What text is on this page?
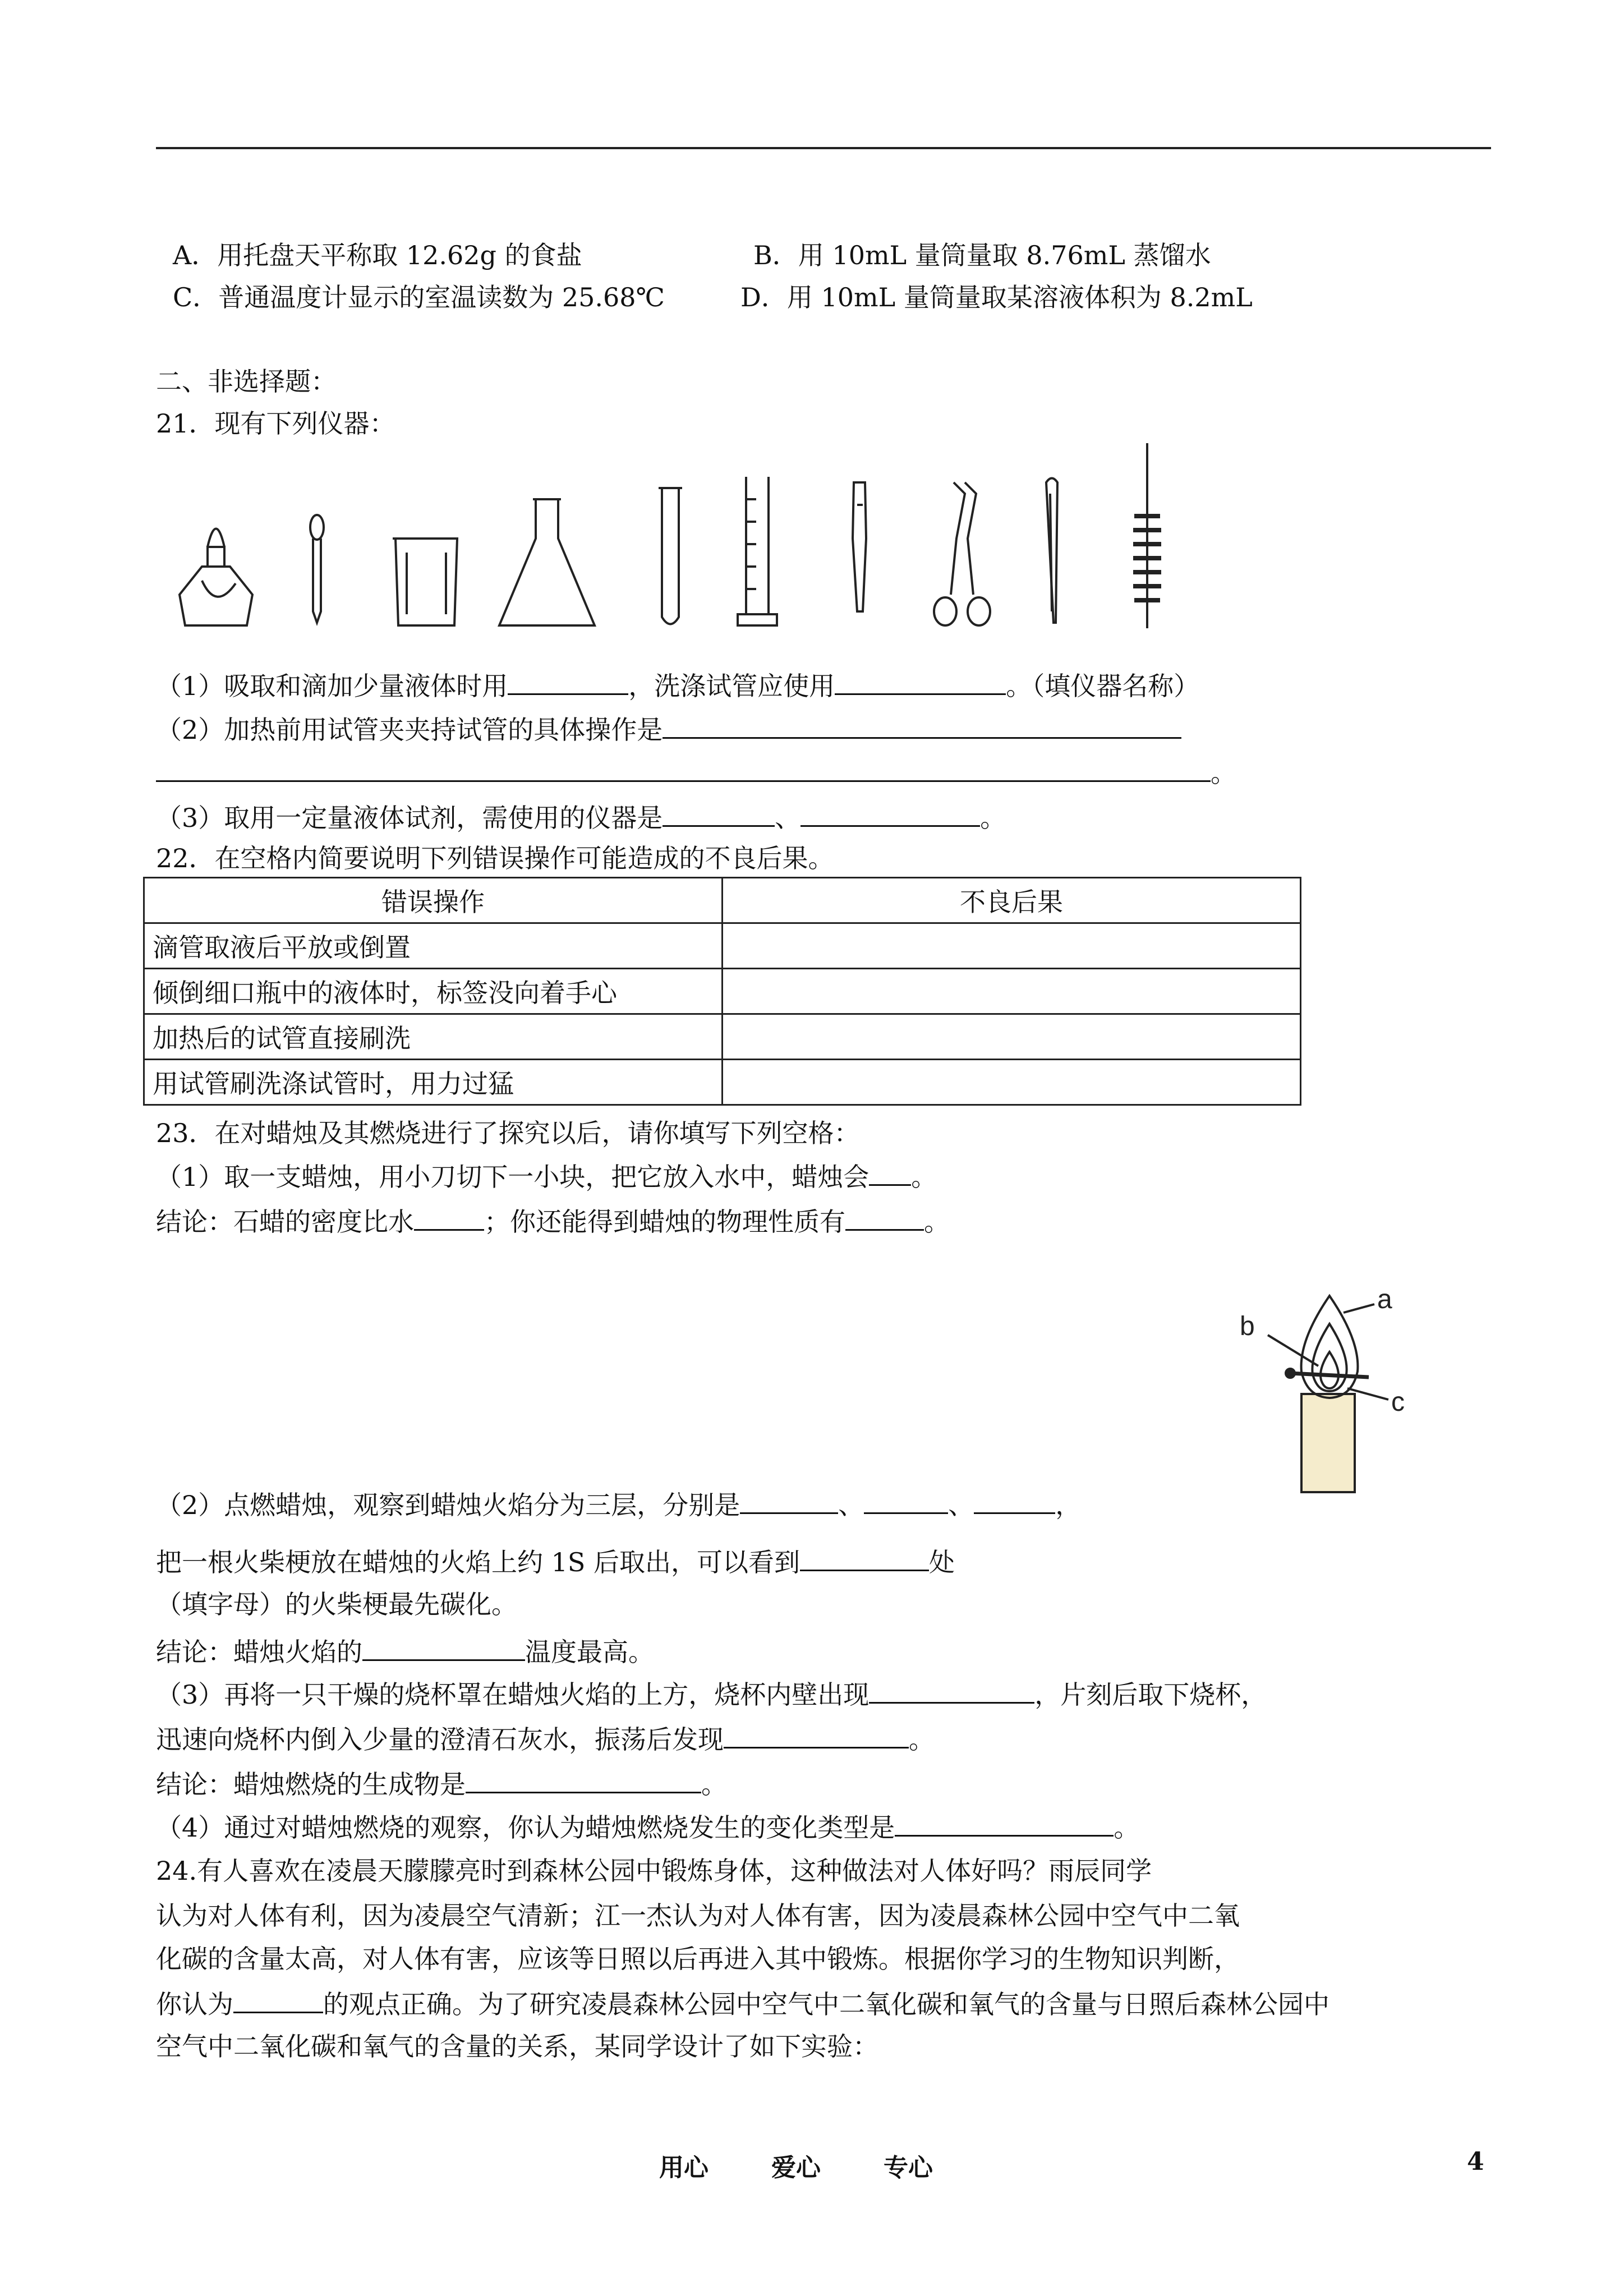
A．用托盘天平称取 12.62g 的食盐	B．用 10mL 量筒量取 8.76mL 蒸馏水
C．普通温度计显示的室温读数为 25.68℃	D．用 10mL 量筒量取某溶液体积为 8.2mL
二、非选择题：
21．现有下列仪器：
（1）吸取和滴加少量液体时用	，洗涤试管应使用	。（填仪器名称）
（2）加热前用试管夹夹持试管的具体操作是
。
（3）取用一定量液体试剂，需使用的仪器是	、	。
22．在空格内简要说明下列错误操作可能造成的不良后果。
错误操作	不良后果
滴管取液后平放或倒置	
倾倒细口瓶中的液体时，标签没向着手心	
加热后的试管直接刷洗	
用试管刷洗涤试管时，用力过猛	
23．在对蜡烛及其燃烧进行了探究以后，请你填写下列空格：
（1）取一支蜡烛，用小刀切下一小块，把它放入水中，蜡烛会 。
结论：石蜡的密度比水	；你还能得到蜡烛的物理性质有	。
a
b
c
（2）点燃蜡烛，观察到蜡烛火焰分为三层，分别是	、	、	，
把一根火柴梗放在蜡烛的火焰上约 1S 后取出，可以看到	处
（填字母）的火柴梗最先碳化。
结论：蜡烛火焰的	温度最高。
（3）再将一只干燥的烧杯罩在蜡烛火焰的上方，烧杯内壁出现	，片刻后取下烧杯，
迅速向烧杯内倒入少量的澄清石灰水，振荡后发现	。
结论：蜡烛燃烧的生成物是	。
（4）通过对蜡烛燃烧的观察，你认为蜡烛燃烧发生的变化类型是	。
24.有人喜欢在凌晨天朦朦亮时到森林公园中锻炼身体，这种做法对人体好吗？雨辰同学
认为对人体有利，因为凌晨空气清新；江一杰认为对人体有害，因为凌晨森林公园中空气中二氧
化碳的含量太高，对人体有害，应该等日照以后再进入其中锻炼。根据你学习的生物知识判断，
你认为	的观点正确。为了研究凌晨森林公园中空气中二氧化碳和氧气的含量与日照后森林公园中
空气中二氧化碳和氧气的含量的关系，某同学设计了如下实验：
用心	爱心	专心	4
